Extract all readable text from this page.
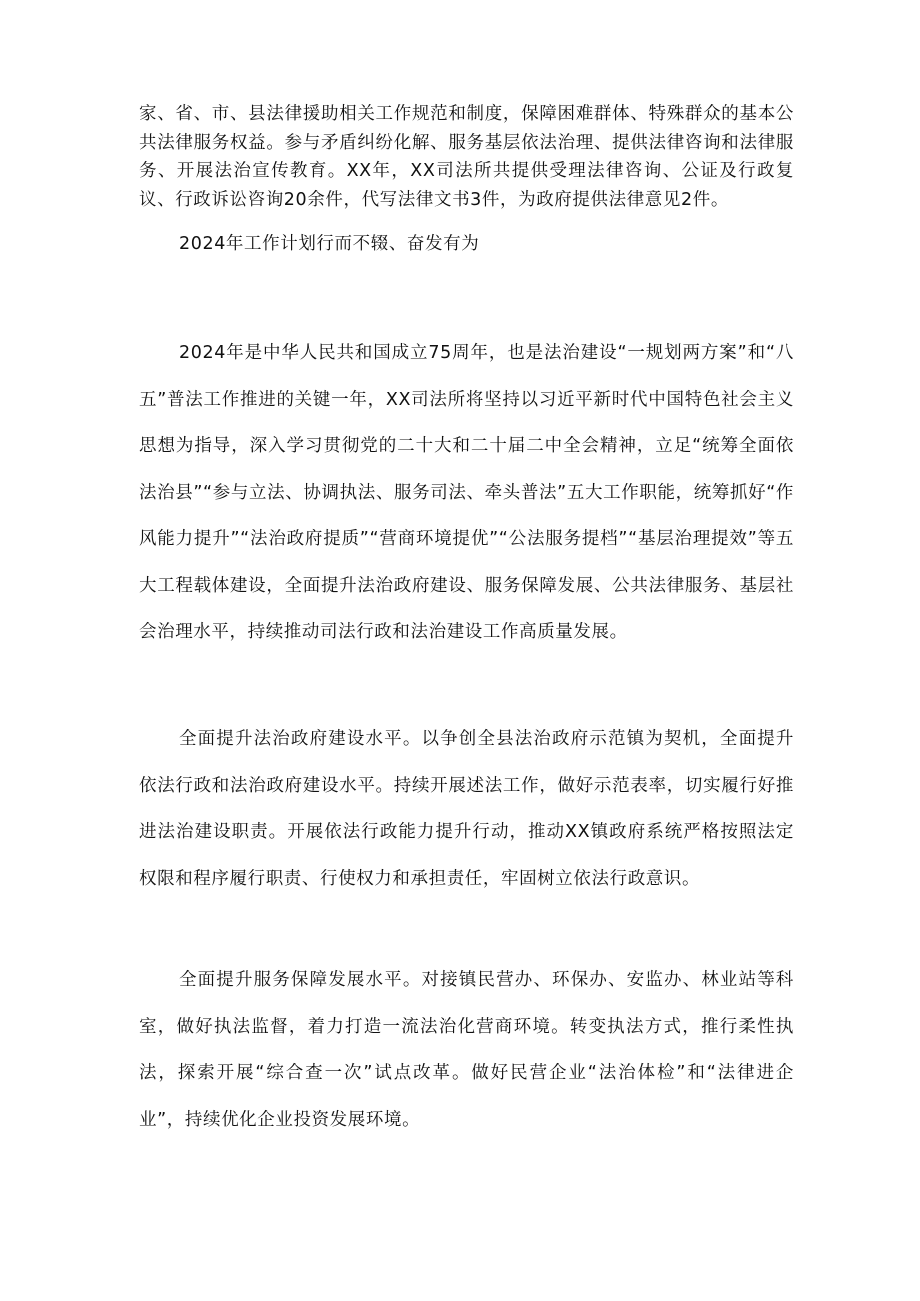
家、省、市、县法律援助相关工作规范和制度，保障困难群体、特殊群众的基本公共法律服务权益。参与矛盾纠纷化解、服务基层依法治理、提供法律咨询和法律服务、开展法治宣传教育。XX年，XX司法所共提供受理法律咨询、公证及行政复议、行政诉讼咨询20余件，代写法律文书3件，为政府提供法律意见2件。

2024年工作计划行而不辍、奋发有为

2024年是中华人民共和国成立75周年，也是法治建设“一规划两方案”和“八五”普法工作推进的关键一年，XX司法所将坚持以习近平新时代中国特色社会主义思想为指导，深入学习贯彻党的二十大和二十届二中全会精神，立足“统筹全面依法治县”“参与立法、协调执法、服务司法、牵头普法”五大工作职能，统筹抓好“作风能力提升”“法治政府提质”“营商环境提优”“公法服务提档”“基层治理提效”等五大工程载体建设，全面提升法治政府建设、服务保障发展、公共法律服务、基层社会治理水平，持续推动司法行政和法治建设工作高质量发展。

全面提升法治政府建设水平。以争创全县法治政府示范镇为契机，全面提升依法行政和法治政府建设水平。持续开展述法工作，做好示范表率，切实履行好推进法治建设职责。开展依法行政能力提升行动，推动XX镇政府系统严格按照法定权限和程序履行职责、行使权力和承担责任，牢固树立依法行政意识。

全面提升服务保障发展水平。对接镇民营办、环保办、安监办、林业站等科室，做好执法监督，着力打造一流法治化营商环境。转变执法方式，推行柔性执法，探索开展“综合查一次”试点改革。做好民营企业“法治体检”和“法律进企业”，持续优化企业投资发展环境。
